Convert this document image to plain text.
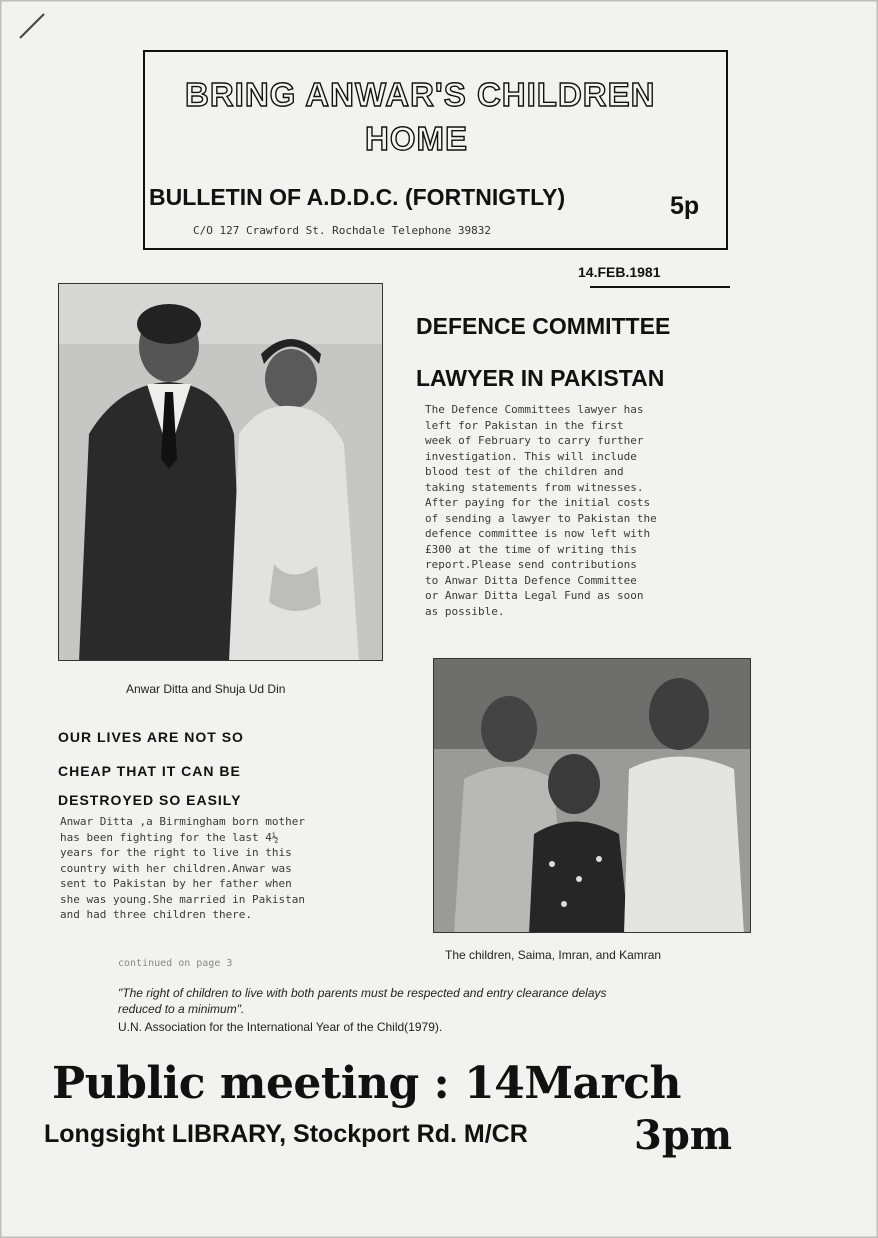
BRING ANWAR'S CHILDREN
HOME
BULLETIN OF A.D.D.C. (FORTNIGTLY)	5p
C/O 127 Crawford St. Rochdale Telephone 39832
14.FEB.1981
Anwar Ditta and Shuja Ud Din
DEFENCE COMMITTEE
LAWYER IN PAKISTAN
The Defence Committees lawyer has
left for Pakistan in the first
week of February to carry further
investigation. This will include
blood test of the children and
taking statements from witnesses.
After paying for the initial costs
of sending a lawyer to Pakistan the
defence committee is now left with
£300 at the time of writing this
report.Please send contributions
to Anwar Ditta Defence Committee
or Anwar Ditta Legal Fund as soon
as possible.
OUR LIVES ARE NOT SO
CHEAP THAT IT CAN BE
DESTROYED SO EASILY
Anwar Ditta ,a Birmingham born mother
has been fighting for the last 4½
years for the right to live in this
country with her children.Anwar was
sent to Pakistan by her father when
she was young.She married in Pakistan
and had three children there.
The children, Saima, Imran, and Kamran
continued on page 3
"The right of children to live with both parents must be respected and entry clearance delays reduced to a minimum".
U.N. Association for the International Year of the Child(1979).
Public meeting : 14March
Longsight LIBRARY, Stockport Rd. M/CR	3pm
